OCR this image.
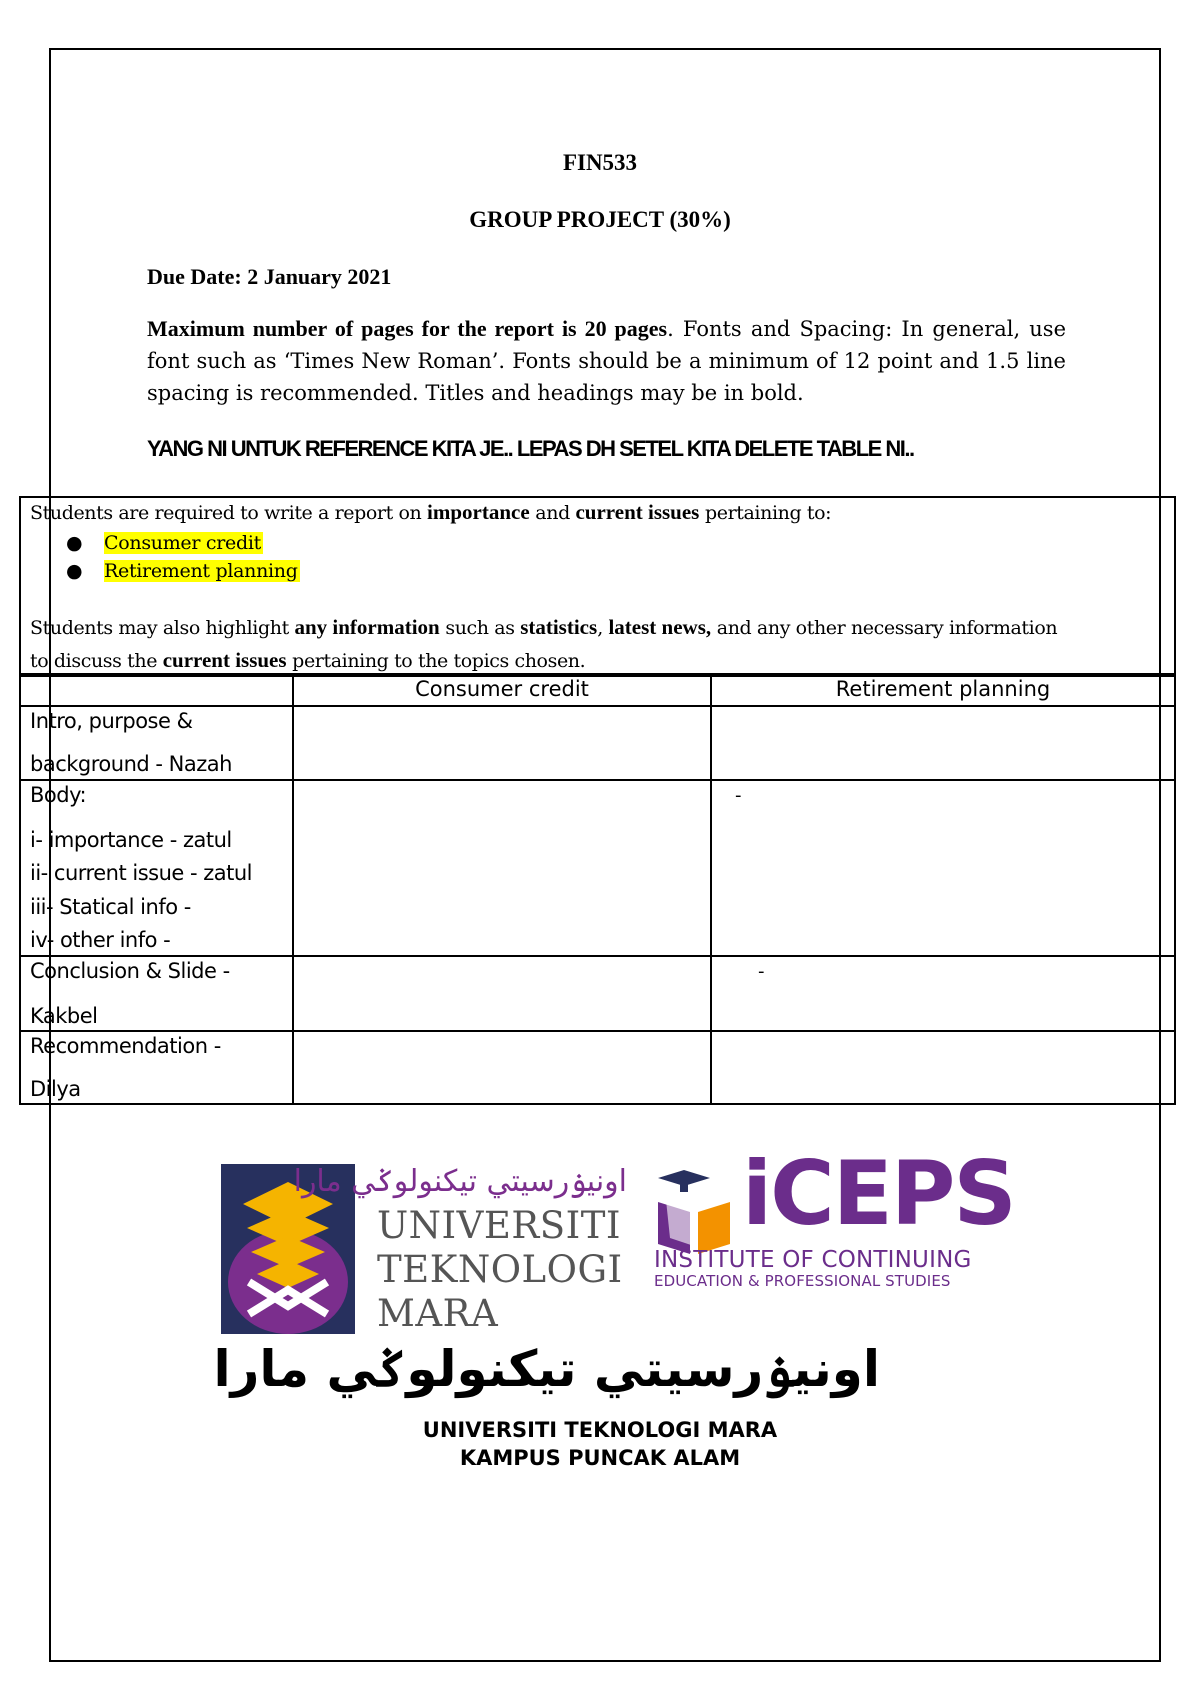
FIN533
GROUP PROJECT (30%)
Due Date: 2 January 2021
Maximum number of pages for the report is 20 pages. Fonts and Spacing: In general, use font such as ‘Times New Roman’. Fonts should be a minimum of 12 point and 1.5 line spacing is recommended. Titles and headings may be in bold.
YANG NI UNTUK REFERENCE KITA JE.. LEPAS DH SETEL KITA DELETE TABLE NI..
Students are required to write a report on importance and current issues pertaining to:
● Consumer credit
● Retirement planning
Students may also highlight any information such as statistics, latest news, and any other necessary information
to discuss the current issues pertaining to the topics chosen.
Consumer credit	Retirement planning
Intro, purpose &
background - Nazah
Body:
i- importance - zatul
ii- current issue - zatul
iii- Statical info -
iv- other info -
-
Conclusion & Slide -
Kakbel
-
Recommendation -
Dilya
اونيۏرسيتي تيكنولوݢي مارا
UNIVERSITI
TEKNOLOGI
MARA
iCEPS
INSTITUTE OF CONTINUING
EDUCATION & PROFESSIONAL STUDIES
اونيۏرسيتي تيكنولوݢي مارا
UNIVERSITI TEKNOLOGI MARA
KAMPUS PUNCAK ALAM
